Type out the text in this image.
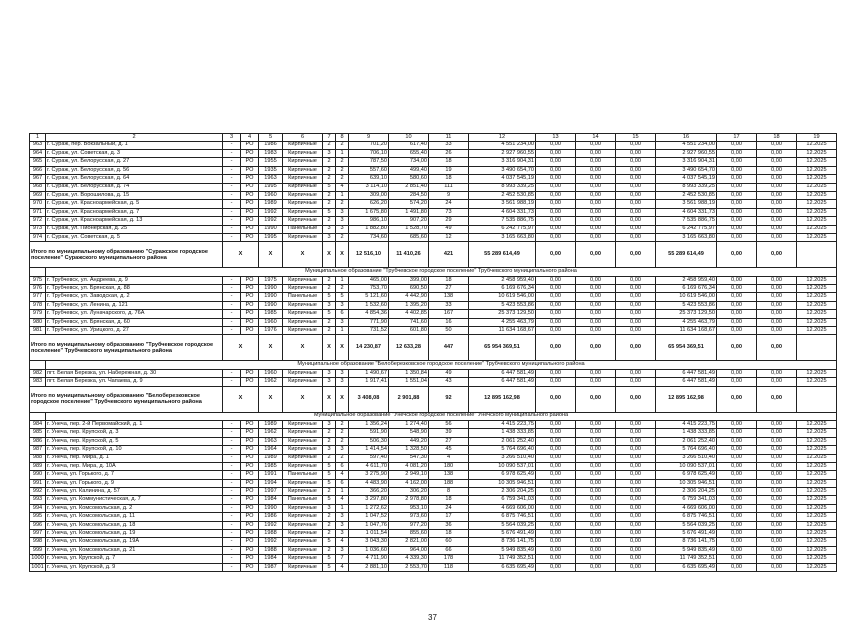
1	2	3	4	5	6	7	8	9	10	11	12	13	14	15	16	17	18	19
963	г. Сураж, пер. Вокзальный, д. 1	-	РО	1986	Кирпичные	2	2	701,20	617,40	33	4 551 234,00	0,00	0,00	0,00	4 551 234,00	0,00	0,00	12.2025
964	г. Сураж, ул. Советская, д. 3	-	РО	1983	Кирпичные	3	1	706,10	655,40	26	2 927 960,55	0,00	0,00	0,00	2 927 960,55	0,00	0,00	12.2025
965	г. Сураж, ул. Белорусская, д. 27	-	РО	1955	Кирпичные	2	2	787,50	734,00	18	3 316 904,31	0,00	0,00	0,00	3 316 904,31	0,00	0,00	12.2025
966	г. Сураж, ул. Белорусская, д. 56	-	РО	1935	Кирпичные	2	2	557,60	499,40	19	3 490 654,70	0,00	0,00	0,00	3 490 654,70	0,00	0,00	12.2025
967	г. Сураж, ул. Белорусская, д. 64	-	РО	1963	Кирпичные	2	2	639,10	580,60	18	4 037 545,19	0,00	0,00	0,00	4 037 545,19	0,00	0,00	12.2025
968	г. Сураж, ул. Белорусская, д. 74	-	РО	1995	Кирпичные	5	4	3 114,10	2 851,40	111	8 993 339,25	0,00	0,00	0,00	8 993 339,25	0,00	0,00	12.2025
969	г. Сураж, ул. Ворошилова, д. 15	-	РО	1960	Кирпичные	2	1	309,00	284,50	9	2 452 530,85	0,00	0,00	0,00	2 452 530,85	0,00	0,00	12.2025
970	г. Сураж, ул. Красноармейская, д. 5	-	РО	1989	Кирпичные	2	2	626,20	574,20	24	3 561 988,19	0,00	0,00	0,00	3 561 988,19	0,00	0,00	12.2025
971	г. Сураж, ул. Красноармейская, д. 7	-	РО	1992	Кирпичные	5	3	1 675,80	1 491,80	73	4 604 331,73	0,00	0,00	0,00	4 604 331,73	0,00	0,00	12.2025
972	г. Сураж, ул. Красноармейская, д. 13	-	РО	1992	Кирпичные	2	3	986,10	907,20	29	7 535 886,75	0,00	0,00	0,00	7 535 886,75	0,00	0,00	12.2025
973	г. Сураж, ул. Пионерская, д. 25	-	РО	1990	Панельные	3	3	1 882,80	1 528,70	49	6 242 775,97	0,00	0,00	0,00	6 242 775,97	0,00	0,00	12.2025
974	г. Сураж, ул. Советская, д. 5	-	РО	1995	Кирпичные	3	2	734,60	685,60	12	3 165 663,80	0,00	0,00	0,00	3 165 663,80	0,00	0,00	12.2025
Итого по муниципальному образованию "Суражское городское поселение" Суражского муниципального района		X		X	X	X	X	12 516,10	11 410,26	421	55 289 614,49	0,00	0,00	0,00	55 289 614,49	0,00	0,00	
	Муниципальное образование "Трубчевское городское поселение" Трубчевского муниципального района																	
975	г. Трубчевск, ул. Андреева, д. 9	-	РО	1975	Кирпичные	2	1	465,00	399,00	18	2 458 959,40	0,00	0,00	0,00	2 458 959,40	0,00	0,00	12.2025
976	г. Трубчевск, ул. Брянская, д. 88	-	РО	1990	Кирпичные	2	2	753,70	690,50	27	6 169 676,34	0,00	0,00	0,00	6 169 676,34	0,00	0,00	12.2025
977	г. Трубчевск, ул. Заводская, д. 2	-	РО	1990	Панельные	5	5	5 121,60	4 442,90	138	10 619 546,00	0,00	0,00	0,00	10 619 546,00	0,00	0,00	12.2025
978	г. Трубчевск, ул. Ленина, д. 121	-	РО	1990	Кирпичные	3	3	1 532,60	1 395,20	33	5 423 553,86	0,00	0,00	0,00	5 423 553,86	0,00	0,00	12.2025
979	г. Трубчевск, ул. Луначарского, д. 76А	-	РО	1985	Кирпичные	5	6	4 854,36	4 402,85	167	25 373 129,50	0,00	0,00	0,00	25 373 129,50	0,00	0,00	12.2025
980	г. Трубчевск, ул. Брянская, д. 60	-	РО	1960	Кирпичные	2	3	771,90	741,60	16	4 255 463,79	0,00	0,00	0,00	4 255 463,79	0,00	0,00	12.2025
981	г. Трубчевск, ул. Урицкого, д. 27	-	РО	1976	Кирпичные	2	1	731,52	601,80	50	11 634 168,67	0,00	0,00	0,00	11 634 168,67	0,00	0,00	12.2025
Итого по муниципальному образованию "Трубчевское городское поселение" Трубчевского муниципального района		X		X	X	X	X	14 230,87	12 633,28	447	65 954 369,51	0,00	0,00	0,00	65 954 369,51	0,00	0,00	
	Муниципальное образование "Белоберезковское городское поселение" Трубчевского муниципального района																	
982	пгт. Белая Березка, ул. Набережная, д. 30	-	РО	1960	Кирпичные	3	3	1 490,67	1 350,84	49	6 447 581,49	0,00	0,00	0,00	6 447 581,49	0,00	0,00	12.2025
983	пгт. Белая Березка, ул. Чапаева, д. 9	-	РО	1962	Кирпичные	3	3	1 917,41	1 551,04	43	6 447 581,49	0,00	0,00	0,00	6 447 581,49	0,00	0,00	12.2025
Итого по муниципальному образованию "Белоберезковское городское поселение" Трубчевского муниципального района		X		X	X	X	X	3 408,08	2 901,88	92	12 895 162,98	0,00	0,00	0,00	12 895 162,98	0,00	0,00	
	Муниципальное образование "Унечское городское поселение" Унечского муниципального района																	
984	г. Унеча, пер. 2-й Первомайский, д. 1	-	РО	1989	Кирпичные	3	2	1 356,24	1 274,40	56	4 415 223,75	0,00	0,00	0,00	4 415 223,75	0,00	0,00	12.2025
985	г. Унеча, пер. Крупской, д. 3	-	РО	1962	Кирпичные	2	2	591,90	548,90	39	1 438 333,85	0,00	0,00	0,00	1 438 333,85	0,00	0,00	12.2025
986	г. Унеча, пер. Крупской, д. 5	-	РО	1963	Кирпичные	2	2	506,30	449,20	27	2 061 252,40	0,00	0,00	0,00	2 061 252,40	0,00	0,00	12.2025
987	г. Унеча, пер. Крупской, д. 10	-	РО	1964	Кирпичные	3	3	1 414,54	1 328,50	45	5 764 696,40	0,00	0,00	0,00	5 764 696,40	0,00	0,00	12.2025
988	г. Унеча, пер. Мира, д. 1	-	РО	1989	Кирпичные	2	2	597,40	547,30	4	3 266 510,40	0,00	0,00	0,00	3 266 510,40	0,00	0,00	12.2025
989	г. Унеча, пер. Мира, д. 10А	-	РО	1985	Кирпичные	5	6	4 611,70	4 081,20	180	10 090 537,01	0,00	0,00	0,00	10 090 537,01	0,00	0,00	12.2025
990	г. Унеча, ул. Горького, д. 7	-	РО	1991	Панельные	5	4	3 275,90	2 949,10	138	6 978 625,49	0,00	0,00	0,00	6 978 625,49	0,00	0,00	12.2025
991	г. Унеча, ул. Горького, д. 9	-	РО	1994	Кирпичные	5	6	4 483,90	4 162,00	188	10 305 946,51	0,00	0,00	0,00	10 305 946,51	0,00	0,00	12.2025
992	г. Унеча, ул. Калинина, д. 57	-	РО	1997	Кирпичные	2	1	366,20	306,20	8	2 306 204,25	0,00	0,00	0,00	2 306 204,25	0,00	0,00	12.2025
993	г. Унеча, ул. Коммунистическая, д. 7	-	РО	1984	Панельные	5	4	3 297,80	2 978,80	18	6 759 341,03	0,00	0,00	0,00	6 759 341,03	0,00	0,00	12.2025
994	г. Унеча, ул. Комсомольская, д. 2	-	РО	1990	Кирпичные	3	1	1 272,62	953,10	24	4 669 606,00	0,00	0,00	0,00	4 669 606,00	0,00	0,00	12.2025
995	г. Унеча, ул. Комсомольская, д. 11	-	РО	1986	Кирпичные	2	3	1 047,52	973,60	17	6 875 746,51	0,00	0,00	0,00	6 875 746,51	0,00	0,00	12.2025
996	г. Унеча, ул. Комсомольская, д. 18	-	РО	1992	Кирпичные	2	3	1 047,76	977,20	36	5 564 039,25	0,00	0,00	0,00	5 564 039,25	0,00	0,00	12.2025
997	г. Унеча, ул. Комсомольская, д. 19	-	РО	1988	Кирпичные	2	3	1 011,54	855,60	18	5 676 491,49	0,00	0,00	0,00	5 676 491,49	0,00	0,00	12.2025
998	г. Унеча, ул. Комсомольская, д. 19А	-	РО	1992	Кирпичные	5	4	3 043,30	2 821,00	60	8 736 141,75	0,00	0,00	0,00	8 736 141,75	0,00	0,00	12.2025
999	г. Унеча, ул. Комсомольская, д. 21	-	РО	1988	Кирпичные	2	3	1 036,60	964,00	66	5 949 835,49	0,00	0,00	0,00	5 949 835,49	0,00	0,00	12.2025
1000	г. Унеча, ул. Крупской, д. 7	-	РО	1984	Кирпичные	5	7	4 711,90	4 339,30	178	11 749 352,51	0,00	0,00	0,00	11 749 352,51	0,00	0,00	12.2025
1001	г. Унеча, ул. Крупской, д. 9	-	РО	1987	Кирпичные	5	4	2 881,10	2 553,70	118	6 635 695,49	0,00	0,00	0,00	6 635 695,49	0,00	0,00	12.2025
37
